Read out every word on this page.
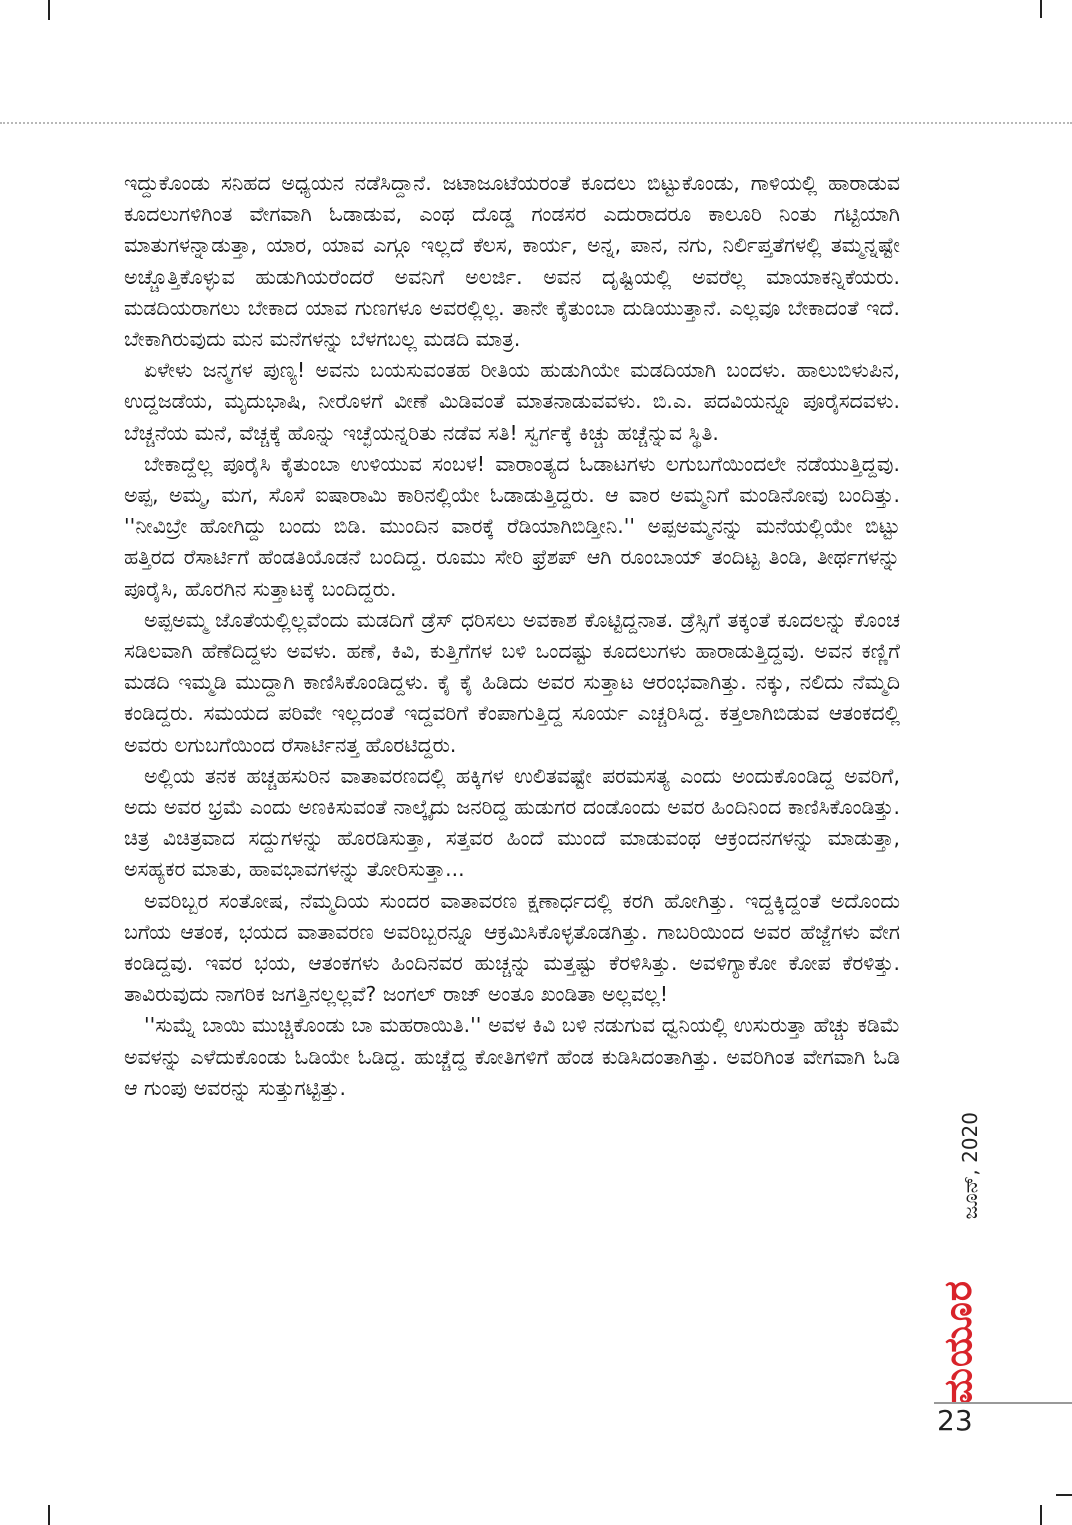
ಇದ್ದುಕೊಂಡು ಸನಿಹದ ಅಧ್ಯಯನ ನಡೆಸಿದ್ದಾನೆ. ಜಟಾಜೂಟೆಯರಂತೆ ಕೂದಲು ಬಿಟ್ಟುಕೊಂಡು, ಗಾಳಿಯಲ್ಲಿ ಹಾರಾಡುವ ಕೂದಲುಗಳಿಗಿಂತ ವೇಗವಾಗಿ ಓಡಾಡುವ, ಎಂಥ ದೊಡ್ಡ ಗಂಡಸರ ಎದುರಾದರೂ ಕಾಲೂರಿ ನಿಂತು ಗಟ್ಟಿಯಾಗಿ ಮಾತುಗಳನ್ನಾಡುತ್ತಾ, ಯಾರ, ಯಾವ ಎಗ್ಗೂ ಇಲ್ಲದೆ ಕೆಲಸ, ಕಾರ್ಯ, ಅನ್ನ, ಪಾನ, ನಗು, ನಿರ್ಲಿಪ್ತತೆಗಳಲ್ಲಿ ತಮ್ಮನ್ನಷ್ಟೇ ಅಚ್ಚೊತ್ತಿಕೊಳ್ಳುವ ಹುಡುಗಿಯರೆಂದರೆ ಅವನಿಗೆ ಅಲರ್ಜಿ. ಅವನ ದೃಷ್ಟಿಯಲ್ಲಿ ಅವರೆಲ್ಲ ಮಾಯಾಕನ್ನಿಕೆಯರು. ಮಡದಿಯರಾಗಲು ಬೇಕಾದ ಯಾವ ಗುಣಗಳೂ ಅವರಲ್ಲಿಲ್ಲ. ತಾನೇ ಕೈತುಂಬಾ ದುಡಿಯುತ್ತಾನೆ. ಎಲ್ಲವೂ ಬೇಕಾದಂತೆ ಇದೆ. ಬೇಕಾಗಿರುವುದು ಮನ ಮನೆಗಳನ್ನು ಬೆಳಗಬಲ್ಲ ಮಡದಿ ಮಾತ್ರ.

ಏಳೇಳು ಜನ್ಮಗಳ ಪುಣ್ಯ! ಅವನು ಬಯಸುವಂತಹ ರೀತಿಯ ಹುಡುಗಿಯೇ ಮಡದಿಯಾಗಿ ಬಂದಳು. ಹಾಲುಬಿಳುಪಿನ, ಉದ್ದಜಡೆಯ, ಮೃದುಭಾಷಿ, ನೀರೊಳಗೆ ವೀಣೆ ಮಿಡಿವಂತೆ ಮಾತನಾಡುವವಳು. ಬಿ.ಎ. ಪದವಿಯನ್ನೂ ಪೂರೈಸದವಳು. ಬೆಚ್ಚನೆಯ ಮನೆ, ವೆಚ್ಚಕ್ಕೆ ಹೊನ್ನು ಇಚ್ಛೆಯನ್ನರಿತು ನಡೆವ ಸತಿ! ಸ್ವರ್ಗಕ್ಕೆ ಕಿಚ್ಚು ಹಚ್ಚೆನ್ನುವ ಸ್ಥಿತಿ.

ಬೇಕಾದ್ದೆಲ್ಲ ಪೂರೈಸಿ ಕೈತುಂಬಾ ಉಳಿಯುವ ಸಂಬಳ! ವಾರಾಂತ್ಯದ ಓಡಾಟಗಳು ಲಗುಬಗೆಯಿಂದಲೇ ನಡೆಯುತ್ತಿದ್ದವು. ಅಪ್ಪ, ಅಮ್ಮ, ಮಗ, ಸೊಸೆ ಐಷಾರಾಮಿ ಕಾರಿನಲ್ಲಿಯೇ ಓಡಾಡುತ್ತಿದ್ದರು. ಆ ವಾರ ಅಮ್ಮನಿಗೆ ಮಂಡಿನೋವು ಬಂದಿತ್ತು. ''ನೀವಿಬ್ರೇ ಹೋಗಿದ್ದು ಬಂದು ಬಿಡಿ. ಮುಂದಿನ ವಾರಕ್ಕೆ ರೆಡಿಯಾಗಿಬಿಡ್ತೀನಿ.'' ಅಪ್ಪಅಮ್ಮನನ್ನು ಮನೆಯಲ್ಲಿಯೇ ಬಿಟ್ಟು ಹತ್ತಿರದ ರೆಸಾರ್ಟಿಗೆ ಹೆಂಡತಿಯೊಡನೆ ಬಂದಿದ್ದ. ರೂಮು ಸೇರಿ ಫ್ರೆಶಪ್ ಆಗಿ ರೂಂಬಾಯ್ ತಂದಿಟ್ಟ ತಿಂಡಿ, ತೀರ್ಥಗಳನ್ನು ಪೂರೈಸಿ, ಹೊರಗಿನ ಸುತ್ತಾಟಕ್ಕೆ ಬಂದಿದ್ದರು.

ಅಪ್ಪಅಮ್ಮ ಜೊತೆಯಲ್ಲಿಲ್ಲವೆಂದು ಮಡದಿಗೆ ಡ್ರೆಸ್ ಧರಿಸಲು ಅವಕಾಶ ಕೊಟ್ಟಿದ್ದನಾತ. ಡ್ರೆಸ್ಸಿಗೆ ತಕ್ಕಂತೆ ಕೂದಲನ್ನು ಕೊಂಚ ಸಡಿಲವಾಗಿ ಹೆಣೆದಿದ್ದಳು ಅವಳು. ಹಣೆ, ಕಿವಿ, ಕುತ್ತಿಗೆಗಳ ಬಳಿ ಒಂದಷ್ಟು ಕೂದಲುಗಳು ಹಾರಾಡುತ್ತಿದ್ದವು. ಅವನ ಕಣ್ಣಿಗೆ ಮಡದಿ ಇಮ್ಮಡಿ ಮುದ್ದಾಗಿ ಕಾಣಿಸಿಕೊಂಡಿದ್ದಳು. ಕೈ ಕೈ ಹಿಡಿದು ಅವರ ಸುತ್ತಾಟ ಆರಂಭವಾಗಿತ್ತು. ನಕ್ಕು, ನಲಿದು ನೆಮ್ಮದಿ ಕಂಡಿದ್ದರು. ಸಮಯದ ಪರಿವೇ ಇಲ್ಲದಂತೆ ಇದ್ದವರಿಗೆ ಕೆಂಪಾಗುತ್ತಿದ್ದ ಸೂರ್ಯ ಎಚ್ಚರಿಸಿದ್ದ. ಕತ್ತಲಾಗಿಬಿಡುವ ಆತಂಕದಲ್ಲಿ ಅವರು ಲಗುಬಗೆಯಿಂದ ರೆಸಾರ್ಟಿನತ್ತ ಹೊರಟಿದ್ದರು.

ಅಲ್ಲಿಯ ತನಕ ಹಚ್ಚಹಸುರಿನ ವಾತಾವರಣದಲ್ಲಿ ಹಕ್ಕಿಗಳ ಉಲಿತವಷ್ಟೇ ಪರಮಸತ್ಯ ಎಂದು ಅಂದುಕೊಂಡಿದ್ದ ಅವರಿಗೆ, ಅದು ಅವರ ಭ್ರಮೆ ಎಂದು ಅಣಕಿಸುವಂತೆ ನಾಲ್ಕೈದು ಜನರಿದ್ದ ಹುಡುಗರ ದಂಡೊಂದು ಅವರ ಹಿಂದಿನಿಂದ ಕಾಣಿಸಿಕೊಂಡಿತ್ತು. ಚಿತ್ರ ವಿಚಿತ್ರವಾದ ಸದ್ದುಗಳನ್ನು ಹೊರಡಿಸುತ್ತಾ, ಸತ್ತವರ ಹಿಂದೆ ಮುಂದೆ ಮಾಡುವಂಥ ಆಕ್ರಂದನಗಳನ್ನು ಮಾಡುತ್ತಾ, ಅಸಹ್ಯಕರ ಮಾತು, ಹಾವಭಾವಗಳನ್ನು ತೋರಿಸುತ್ತಾ...

ಅವರಿಬ್ಬರ ಸಂತೋಷ, ನೆಮ್ಮದಿಯ ಸುಂದರ ವಾತಾವರಣ ಕ್ಷಣಾರ್ಧದಲ್ಲಿ ಕರಗಿ ಹೋಗಿತ್ತು. ಇದ್ದಕ್ಕಿದ್ದಂತೆ ಅದೊಂದು ಬಗೆಯ ಆತಂಕ, ಭಯದ ವಾತಾವರಣ ಅವರಿಬ್ಬರನ್ನೂ ಆಕ್ರಮಿಸಿಕೊಳ್ಳತೊಡಗಿತ್ತು. ಗಾಬರಿಯಿಂದ ಅವರ ಹೆಜ್ಜೆಗಳು ವೇಗ ಕಂಡಿದ್ದವು. ಇವರ ಭಯ, ಆತಂಕಗಳು ಹಿಂದಿನವರ ಹುಚ್ಚನ್ನು ಮತ್ತಷ್ಟು ಕೆರಳಿಸಿತ್ತು. ಅವಳಿಗ್ಯಾಕೋ ಕೋಪ ಕೆರಳಿತ್ತು. ತಾವಿರುವುದು ನಾಗರಿಕ ಜಗತ್ತಿನಲ್ಲಲ್ಲವೆ? ಜಂಗಲ್ ರಾಜ್ ಅಂತೂ ಖಂಡಿತಾ ಅಲ್ಲವಲ್ಲ!

''ಸುಮ್ನೆ ಬಾಯಿ ಮುಚ್ಚಿಕೊಂಡು ಬಾ ಮಹರಾಯಿತಿ.'' ಅವಳ ಕಿವಿ ಬಳಿ ನಡುಗುವ ಧ್ವನಿಯಲ್ಲಿ ಉಸುರುತ್ತಾ ಹೆಚ್ಚು ಕಡಿಮೆ ಅವಳನ್ನು ಎಳೆದುಕೊಂಡು ಓಡಿಯೇ ಓಡಿದ್ದ. ಹುಚ್ಚೆದ್ದ ಕೋತಿಗಳಿಗೆ ಹೆಂಡ ಕುಡಿಸಿದಂತಾಗಿತ್ತು. ಅವರಿಗಿಂತ ವೇಗವಾಗಿ ಓಡಿ ಆ ಗುಂಪು ಅವರನ್ನು ಸುತ್ತುಗಟ್ಟಿತ್ತು.

ಜೂನ್, 2020
ಮಯೂರ
23
